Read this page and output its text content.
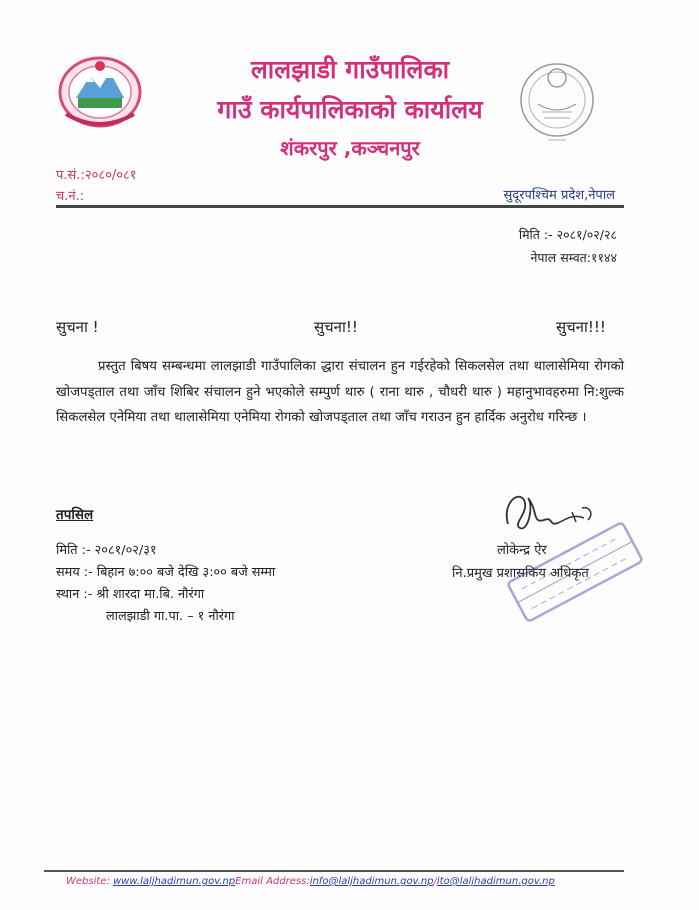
लालझाडी गाउँपालिका
गाउँ कार्यपालिकाको कार्यालय
शंकरपुर ,कञ्चनपुर
प.सं.:२०८०/०८१
च.नं.:	सुदूरपश्चिम प्रदेश,नेपाल
मिति :- २०८१/०२/२८
नेपाल सम्वत:११४४
सुचना !	सुचना!!	सुचना!!!
प्रस्तुत बिषय सम्बन्धमा लालझाडी गाउँपालिका द्धारा संचालन हुन गईरहेको सिकलसेल तथा थालासेमिया रोगको खोजपड्ताल तथा जाँच शिबिर संचालन हुने भएकोले सम्पुर्ण थारु ( राना थारु , चौधरी थारु ) महानुभावहरुमा नि:शुल्क सिकलसेल एनेमिया तथा थालासेमिया एनेमिया रोगको खोजपड्ताल तथा जाँच गराउन हुन हार्दिक अनुरोध गरिन्छ ।
तपसिल
मिति :- २०८१/०२/३१
समय :- बिहान ७:०० बजे देखि ३:०० बजे सम्मा
स्थान :- श्री शारदा मा.बि. नौरंगा
लालझाडी गा.पा. – १ नौरंगा
लोकेन्द्र ऐर
नि.प्रमुख प्रशासकिय अधिकृत
Website: www.laljhadimun.gov.npEmail Address:info@laljhadimun.gov.np/ito@laljhadimun.gov.np
